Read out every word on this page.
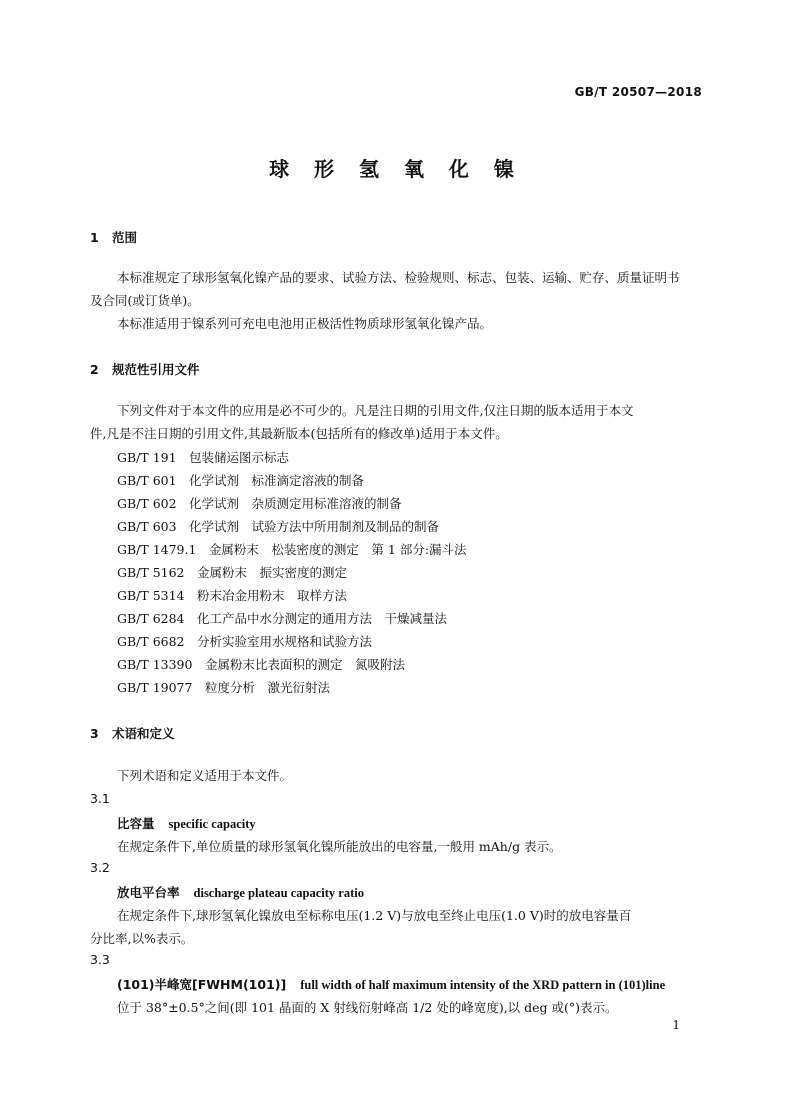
GB/T 20507—2018
球 形 氢 氧 化 镍
1 范围
本标准规定了球形氢氧化镍产品的要求、试验方法、检验规则、标志、包装、运输、贮存、质量证明书
及合同(或订货单)。
本标准适用于镍系列可充电电池用正极活性物质球形氢氧化镍产品。
2 规范性引用文件
下列文件对于本文件的应用是必不可少的。凡是注日期的引用文件,仅注日期的版本适用于本文
件,凡是不注日期的引用文件,其最新版本(包括所有的修改单)适用于本文件。
GB/T 191　包装储运图示标志
GB/T 601　化学试剂　标准滴定溶液的制备
GB/T 602　化学试剂　杂质测定用标准溶液的制备
GB/T 603　化学试剂　试验方法中所用制剂及制品的制备
GB/T 1479.1　金属粉末　松装密度的测定　第 1 部分:漏斗法
GB/T 5162　金属粉末　振实密度的测定
GB/T 5314　粉末冶金用粉末　取样方法
GB/T 6284　化工产品中水分测定的通用方法　干燥减量法
GB/T 6682　分析实验室用水规格和试验方法
GB/T 13390　金属粉末比表面积的测定　氮吸附法
GB/T 19077　粒度分析　激光衍射法
3 术语和定义
下列术语和定义适用于本文件。
3.1
比容量 specific capacity
在规定条件下,单位质量的球形氢氧化镍所能放出的电容量,一般用 mAh/g 表示。
3.2
放电平台率 discharge plateau capacity ratio
在规定条件下,球形氢氧化镍放电至标称电压(1.2 V)与放电至终止电压(1.0 V)时的放电容量百
分比率,以%表示。
3.3
(101)半峰宽[FWHM(101)] full width of half maximum intensity of the XRD pattern in (101)line
位于 38°±0.5°之间(即 101 晶面的 X 射线衍射峰高 1/2 处的峰宽度),以 deg 或(°)表示。
1
